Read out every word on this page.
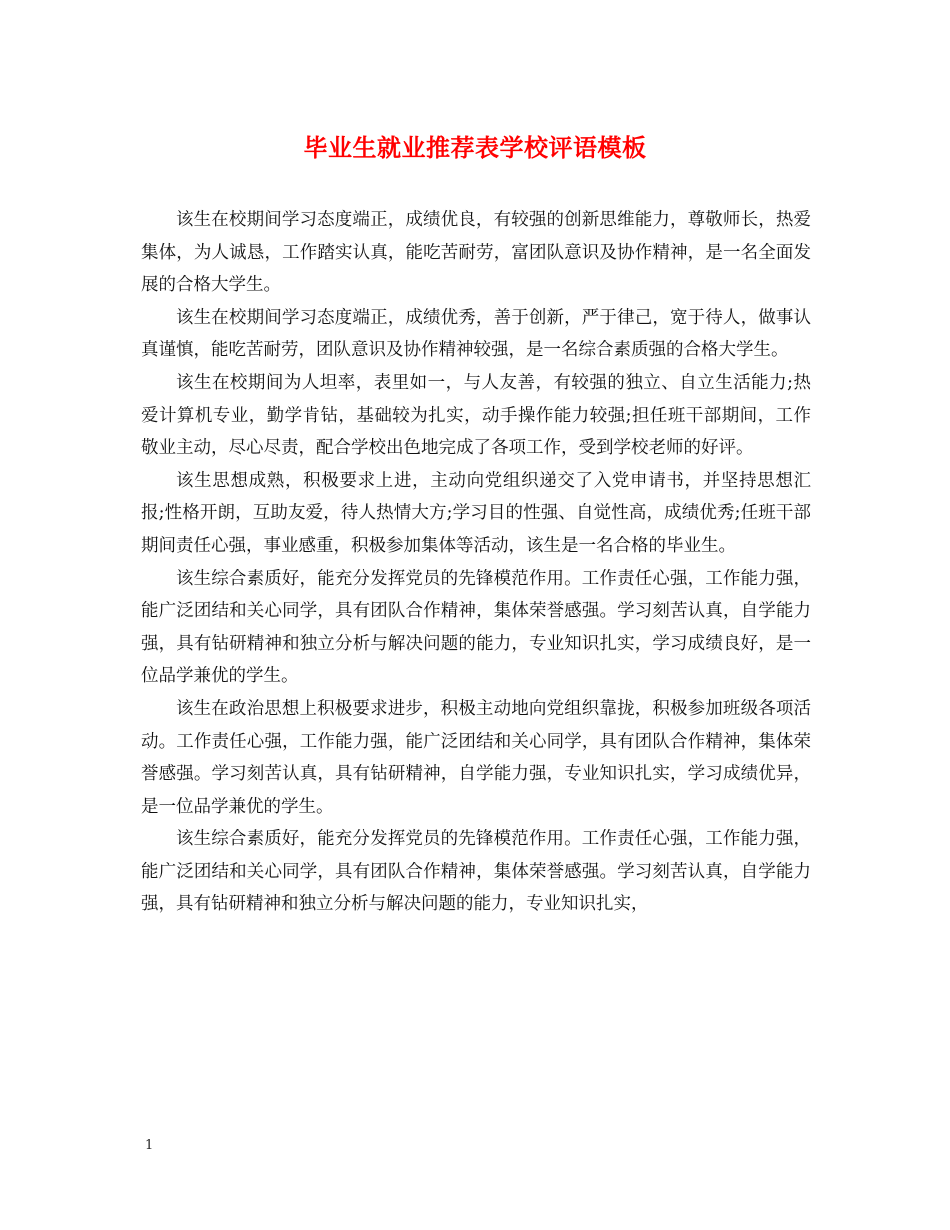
毕业生就业推荐表学校评语模板

该生在校期间学习态度端正，成绩优良，有较强的创新思维能力，尊敬师长，热爱集体，为人诚恳，工作踏实认真，能吃苦耐劳，富团队意识及协作精神，是一名全面发展的合格大学生。

该生在校期间学习态度端正，成绩优秀，善于创新，严于律己，宽于待人，做事认真谨慎，能吃苦耐劳，团队意识及协作精神较强，是一名综合素质强的合格大学生。

该生在校期间为人坦率，表里如一，与人友善，有较强的独立、自立生活能力;热爱计算机专业，勤学肯钻，基础较为扎实，动手操作能力较强;担任班干部期间，工作敬业主动，尽心尽责，配合学校出色地完成了各项工作，受到学校老师的好评。

该生思想成熟，积极要求上进，主动向党组织递交了入党申请书，并坚持思想汇报;性格开朗，互助友爱，待人热情大方;学习目的性强、自觉性高，成绩优秀;任班干部期间责任心强，事业感重，积极参加集体等活动，该生是一名合格的毕业生。

该生综合素质好，能充分发挥党员的先锋模范作用。工作责任心强，工作能力强，能广泛团结和关心同学，具有团队合作精神，集体荣誉感强。学习刻苦认真，自学能力强，具有钻研精神和独立分析与解决问题的能力，专业知识扎实，学习成绩良好，是一位品学兼优的学生。

该生在政治思想上积极要求进步，积极主动地向党组织靠拢，积极参加班级各项活动。工作责任心强，工作能力强，能广泛团结和关心同学，具有团队合作精神，集体荣誉感强。学习刻苦认真，具有钻研精神，自学能力强，专业知识扎实，学习成绩优异，是一位品学兼优的学生。

该生综合素质好，能充分发挥党员的先锋模范作用。工作责任心强，工作能力强，能广泛团结和关心同学，具有团队合作精神，集体荣誉感强。学习刻苦认真，自学能力强，具有钻研精神和独立分析与解决问题的能力，专业知识扎实，

1
